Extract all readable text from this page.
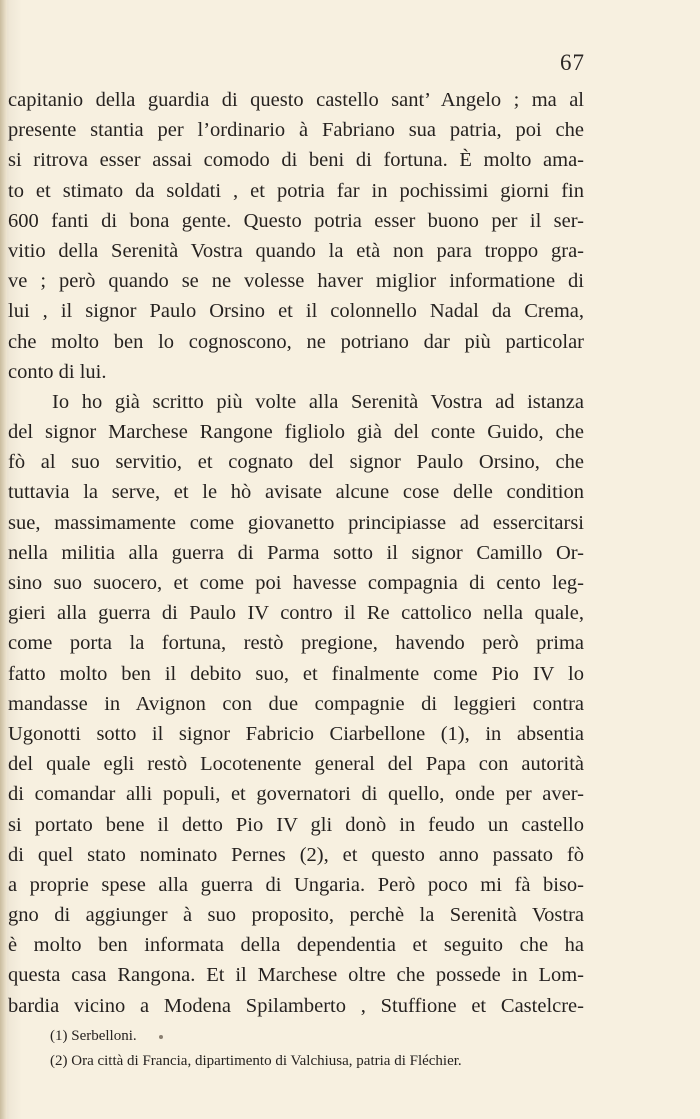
67
capitanio della guardia di questo castello sant’ Angelo ; ma al
presente stantia per l’ordinario à Fabriano sua patria, poi che
si ritrova esser assai comodo di beni di fortuna. È molto ama-
to et stimato da soldati , et potria far in pochissimi giorni fin
600 fanti di bona gente. Questo potria esser buono per il ser-
vitio della Serenità Vostra quando la età non para troppo gra-
ve ; però quando se ne volesse haver miglior informatione di
lui , il signor Paulo Orsino et il colonnello Nadal da Crema,
che molto ben lo cognoscono, ne potriano dar più particolar
conto di lui.
Io ho già scritto più volte alla Serenità Vostra ad istanza
del signor Marchese Rangone figliolo già del conte Guido, che
fò al suo servitio, et cognato del signor Paulo Orsino, che
tuttavia la serve, et le hò avisate alcune cose delle condition
sue, massimamente come giovanetto principiasse ad essercitarsi
nella militia alla guerra di Parma sotto il signor Camillo Or-
sino suo suocero, et come poi havesse compagnia di cento leg-
gieri alla guerra di Paulo IV contro il Re cattolico nella quale,
come porta la fortuna, restò pregione, havendo però prima
fatto molto ben il debito suo, et finalmente come Pio IV lo
mandasse in Avignon con due compagnie di leggieri contra
Ugonotti sotto il signor Fabricio Ciarbellone (1), in absentia
del quale egli restò Locotenente general del Papa con autorità
di comandar alli populi, et governatori di quello, onde per aver-
si portato bene il detto Pio IV gli donò in feudo un castello
di quel stato nominato Pernes (2), et questo anno passato fò
a proprie spese alla guerra di Ungaria. Però poco mi fà biso-
gno di aggiunger à suo proposito, perchè la Serenità Vostra
è molto ben informata della dependentia et seguito che ha
questa casa Rangona. Et il Marchese oltre che possede in Lom-
bardia vicino a Modena Spilamberto , Stuffione et Castelcre-
(1) Serbelloni.
(2) Ora città di Francia, dipartimento di Valchiusa, patria di Fléchier.
